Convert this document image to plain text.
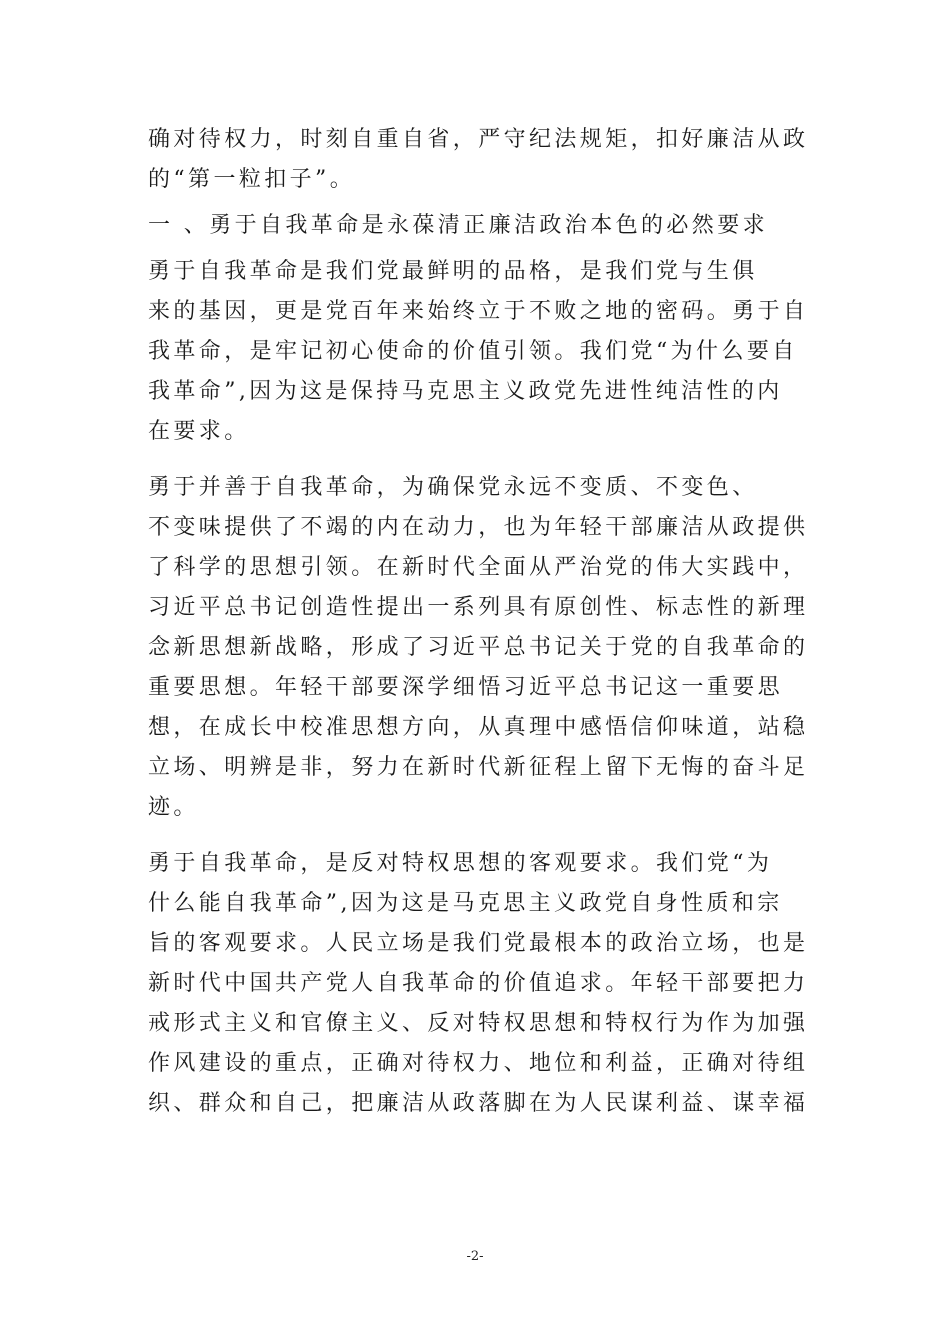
确对待权力，时刻自重自省，严守纪法规矩，扣好廉洁从政
的“第一粒扣子”。
一 、勇于自我革命是永葆清正廉洁政治本色的必然要求
勇于自我革命是我们党最鲜明的品格，是我们党与生俱
来的基因，更是党百年来始终立于不败之地的密码。勇于自
我革命，是牢记初心使命的价值引领。我们党“为什么要自
我革命”,因为这是保持马克思主义政党先进性纯洁性的内
在要求。
勇于并善于自我革命，为确保党永远不变质、不变色、
不变味提供了不竭的内在动力，也为年轻干部廉洁从政提供
了科学的思想引领。在新时代全面从严治党的伟大实践中，
习近平总书记创造性提出一系列具有原创性、标志性的新理
念新思想新战略，形成了习近平总书记关于党的自我革命的
重要思想。年轻干部要深学细悟习近平总书记这一重要思
想，在成长中校准思想方向，从真理中感悟信仰味道，站稳
立场、明辨是非，努力在新时代新征程上留下无悔的奋斗足
迹。
勇于自我革命，是反对特权思想的客观要求。我们党“为
什么能自我革命”,因为这是马克思主义政党自身性质和宗
旨的客观要求。人民立场是我们党最根本的政治立场，也是
新时代中国共产党人自我革命的价值追求。年轻干部要把力
戒形式主义和官僚主义、反对特权思想和特权行为作为加强
作风建设的重点，正确对待权力、地位和利益，正确对待组
织、群众和自己，把廉洁从政落脚在为人民谋利益、谋幸福
-2-
